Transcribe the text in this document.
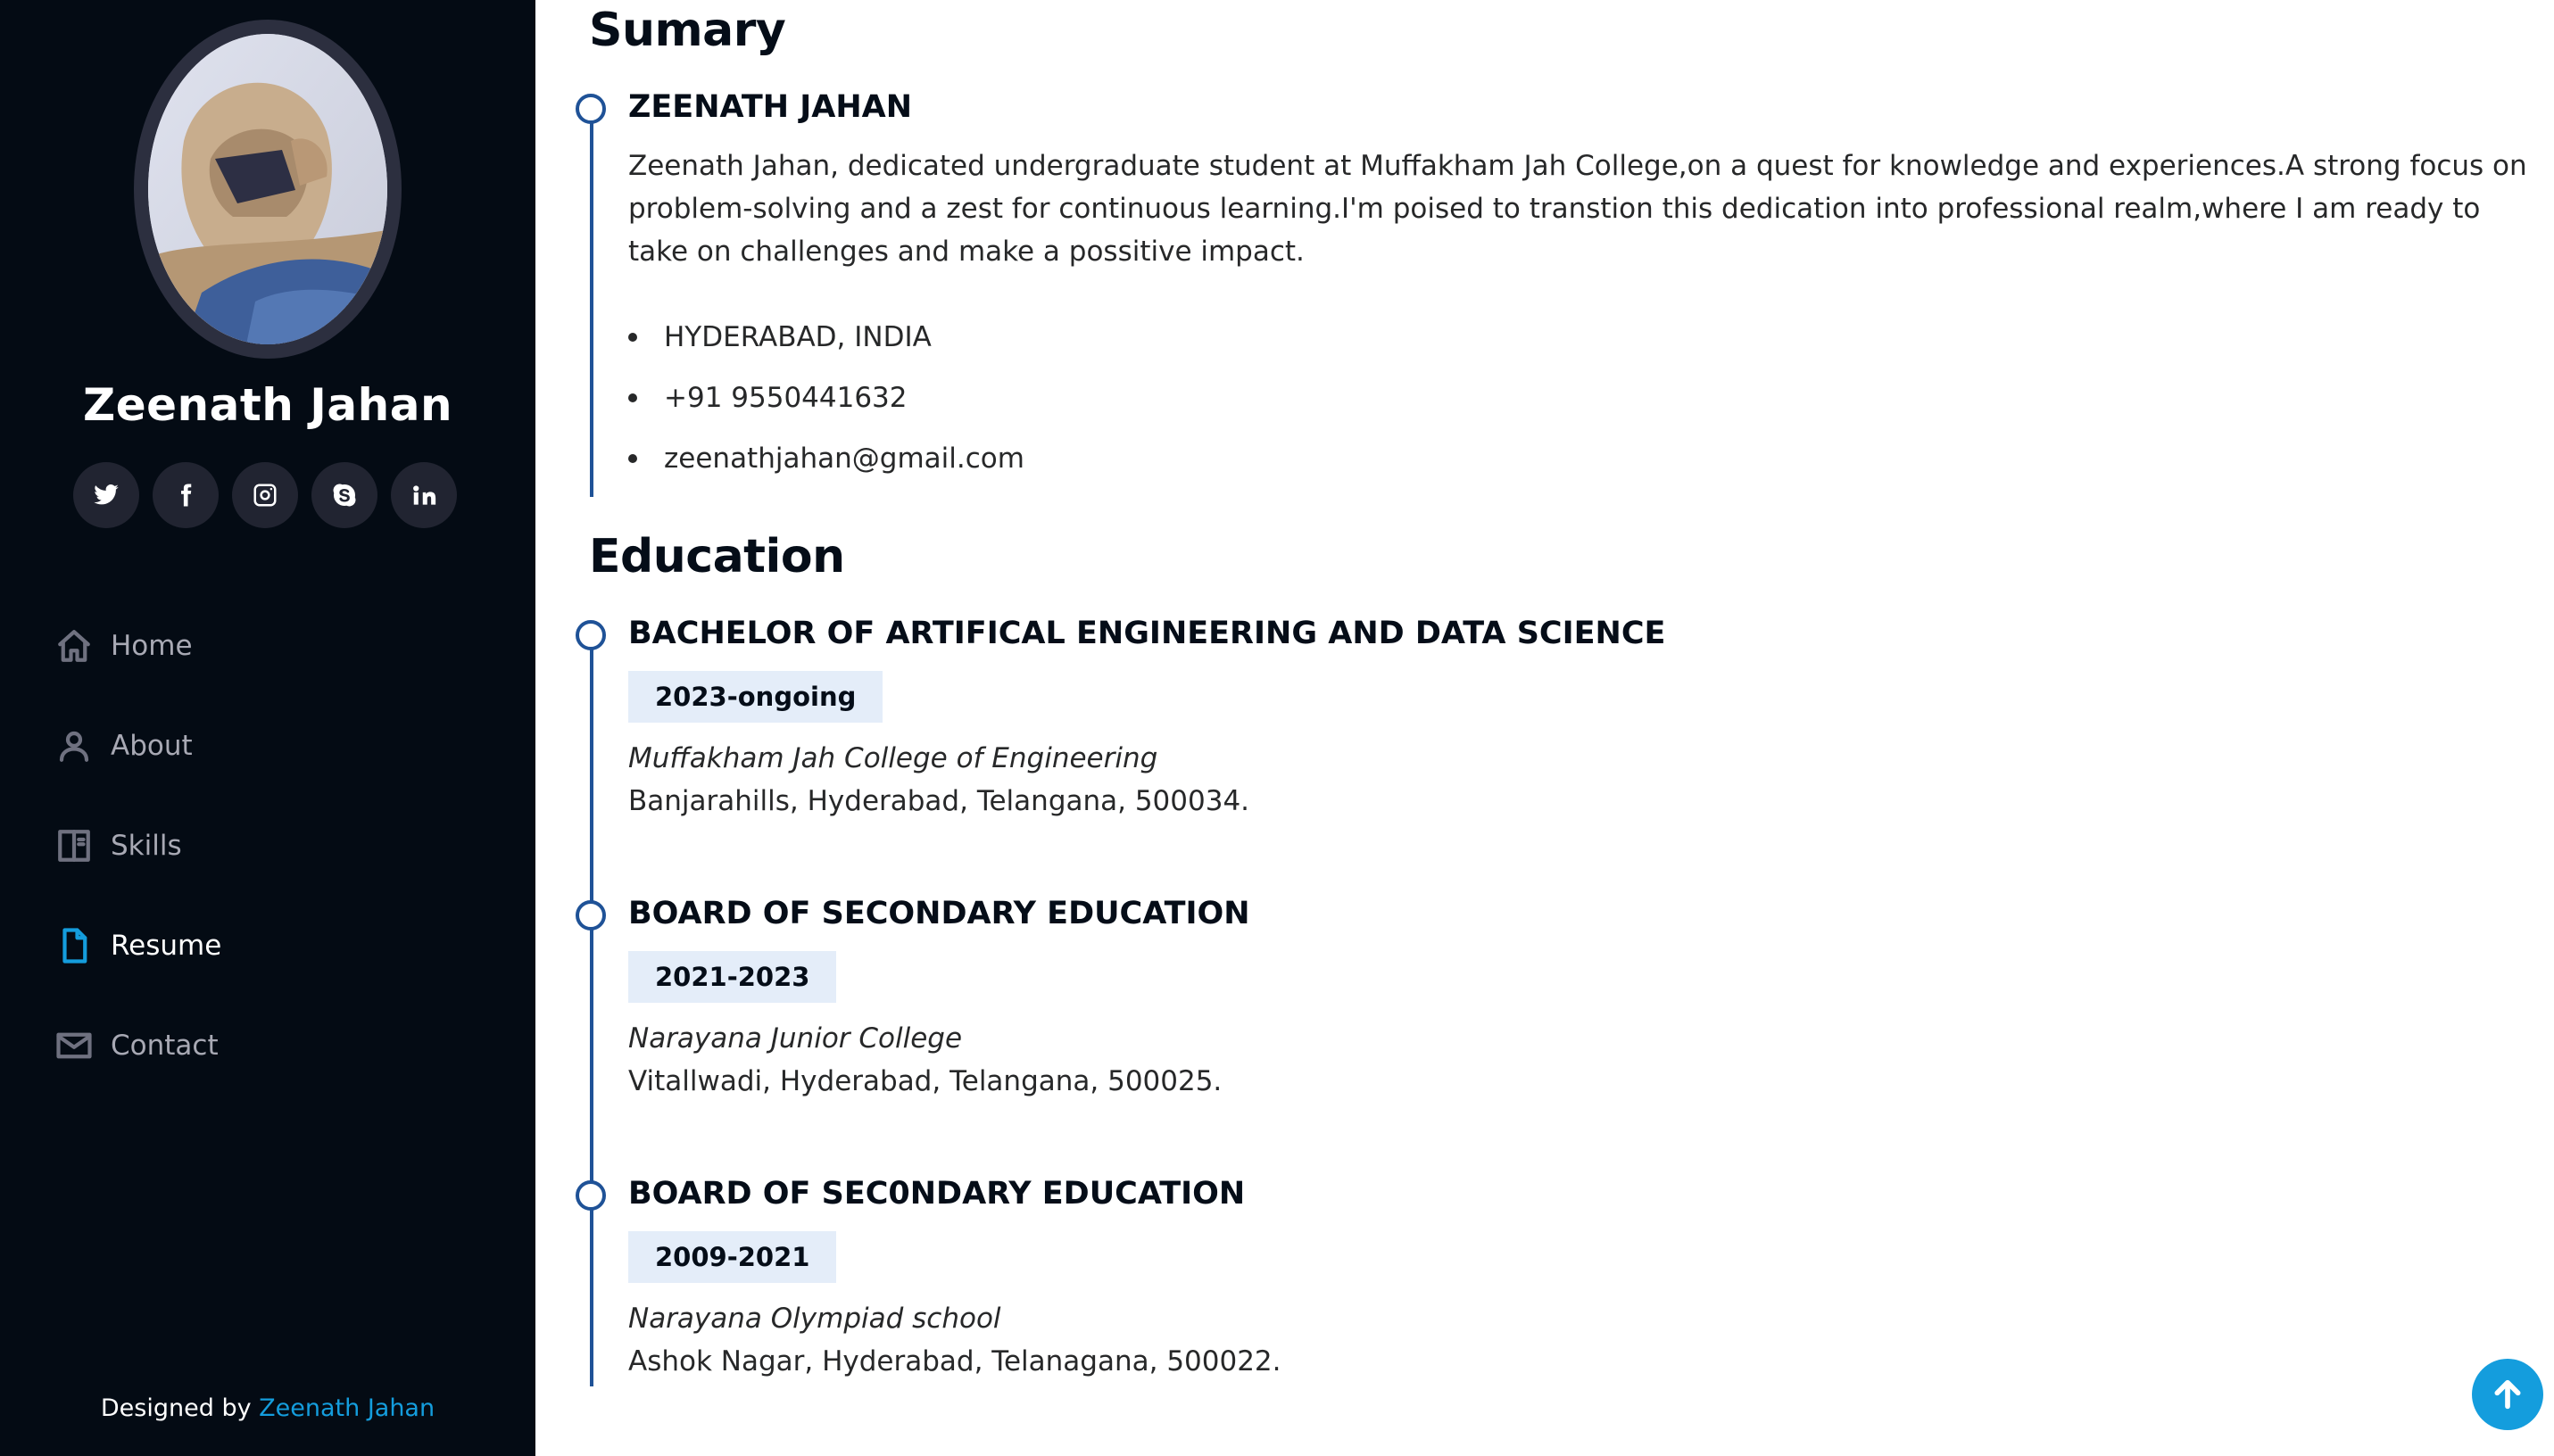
Zeenath Jahan
Home
About
Skills
Resume
Contact
Designed by Zeenath Jahan
Sumary
ZEENATH JAHAN

Zeenath Jahan, dedicated undergraduate student at Muffakham Jah College,on a quest for knowledge and experiences.A strong focus on problem-solving and a zest for continuous learning.I'm poised to transtion this dedication into professional realm,where I am ready to take on challenges and make a possitive impact.

HYDERABAD, INDIA
+91 9550441632
zeenathjahan@gmail.com
Education
BACHELOR OF ARTIFICAL ENGINEERING AND DATA SCIENCE
2023-ongoing
Muffakham Jah College of Engineering
Banjarahills, Hyderabad, Telangana, 500034.
BOARD OF SECONDARY EDUCATION
2021-2023
Narayana Junior College
Vitallwadi, Hyderabad, Telangana, 500025.
BOARD OF SEC0NDARY EDUCATION
2009-2021
Narayana Olympiad school
Ashok Nagar, Hyderabad, Telanagana, 500022.
